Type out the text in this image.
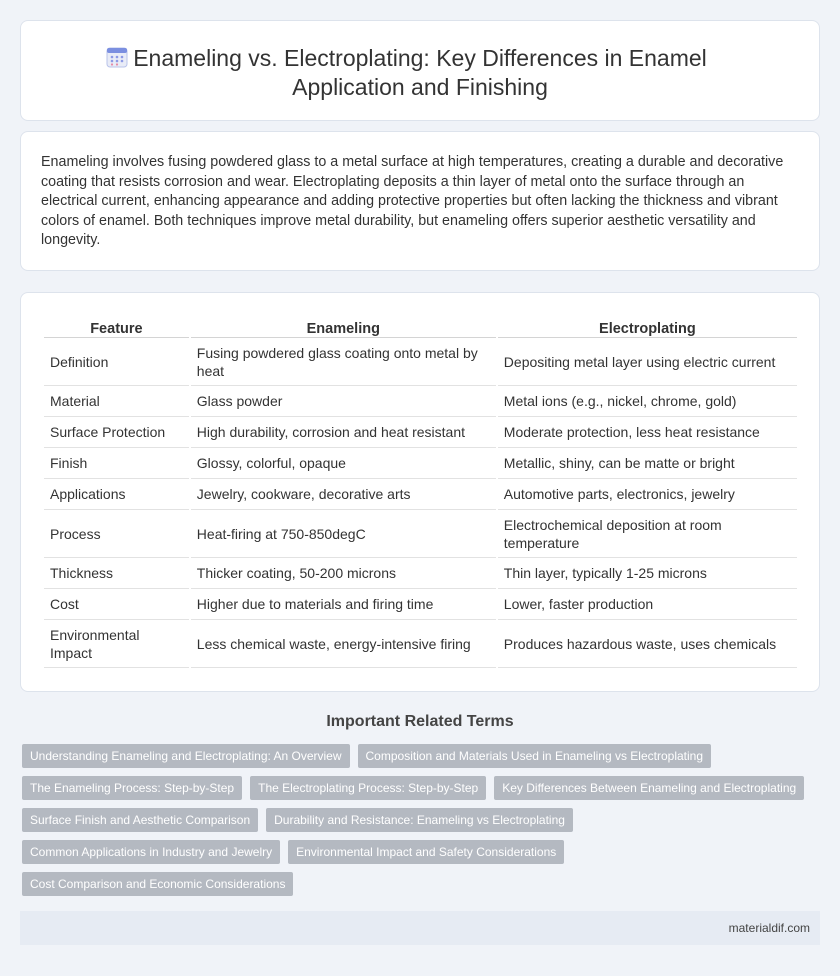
Enameling vs. Electroplating: Key Differences in Enamel Application and Finishing

Enameling involves fusing powdered glass to a metal surface at high temperatures, creating a durable and decorative coating that resists corrosion and wear. Electroplating deposits a thin layer of metal onto the surface through an electrical current, enhancing appearance and adding protective properties but often lacking the thickness and vibrant colors of enamel. Both techniques improve metal durability, but enameling offers superior aesthetic versatility and longevity.

Feature	Enameling	Electroplating
Definition	Fusing powdered glass coating onto metal by heat	Depositing metal layer using electric current
Material	Glass powder	Metal ions (e.g., nickel, chrome, gold)
Surface Protection	High durability, corrosion and heat resistant	Moderate protection, less heat resistance
Finish	Glossy, colorful, opaque	Metallic, shiny, can be matte or bright
Applications	Jewelry, cookware, decorative arts	Automotive parts, electronics, jewelry
Process	Heat-firing at 750-850degC	Electrochemical deposition at room temperature
Thickness	Thicker coating, 50-200 microns	Thin layer, typically 1-25 microns
Cost	Higher due to materials and firing time	Lower, faster production
Environmental Impact	Less chemical waste, energy-intensive firing	Produces hazardous waste, uses chemicals
Important Related Terms
Understanding Enameling and Electroplating: An Overview	Composition and Materials Used in Enameling vs Electroplating
The Enameling Process: Step-by-Step	The Electroplating Process: Step-by-Step	Key Differences Between Enameling and Electroplating
Surface Finish and Aesthetic Comparison	Durability and Resistance: Enameling vs Electroplating
Common Applications in Industry and Jewelry	Environmental Impact and Safety Considerations
Cost Comparison and Economic Considerations
materialdif.com
